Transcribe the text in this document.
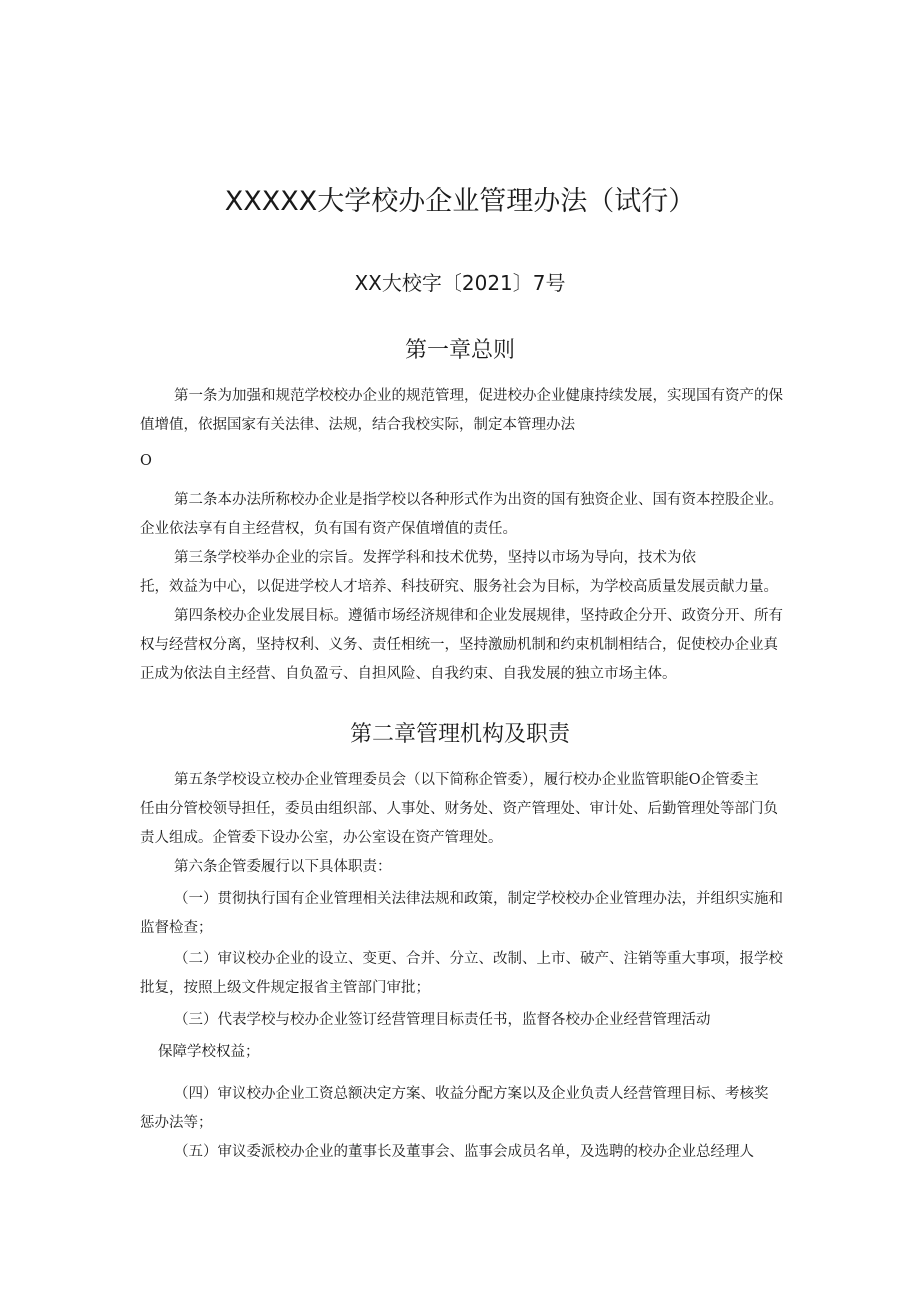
XXXXX大学校办企业管理办法（试行）
XX大校字〔2021〕7号
第一章总则
第一条为加强和规范学校校办企业的规范管理，促进校办企业健康持续发展，实现国有资产的保
值增值，依据国家有关法律、法规，结合我校实际，制定本管理办法
O
第二条本办法所称校办企业是指学校以各种形式作为出资的国有独资企业、国有资本控股企业。
企业依法享有自主经营权，负有国有资产保值增值的责任。
第三条学校举办企业的宗旨。发挥学科和技术优势，坚持以市场为导向，技术为依
托，效益为中心，以促进学校人才培养、科技研究、服务社会为目标，为学校高质量发展贡献力量。
第四条校办企业发展目标。遵循市场经济规律和企业发展规律，坚持政企分开、政资分开、所有
权与经营权分离，坚持权利、义务、责任相统一，坚持激励机制和约束机制相结合，促使校办企业真
正成为依法自主经营、自负盈亏、自担风险、自我约束、自我发展的独立市场主体。
第二章管理机构及职责
第五条学校设立校办企业管理委员会（以下简称企管委），履行校办企业监管职能O企管委主
任由分管校领导担任，委员由组织部、人事处、财务处、资产管理处、审计处、后勤管理处等部门负
责人组成。企管委下设办公室，办公室设在资产管理处。
第六条企管委履行以下具体职责：
（一）贯彻执行国有企业管理相关法律法规和政策，制定学校校办企业管理办法，并组织实施和
监督检查；
（二）审议校办企业的设立、变更、合并、分立、改制、上市、破产、注销等重大事项，报学校
批复，按照上级文件规定报省主管部门审批；
（三）代表学校与校办企业签订经营管理目标责任书，监督各校办企业经营管理活动
保障学校权益；
（四）审议校办企业工资总额决定方案、收益分配方案以及企业负责人经营管理目标、考核奖
惩办法等；
（五）审议委派校办企业的董事长及董事会、监事会成员名单，及选聘的校办企业总经理人
